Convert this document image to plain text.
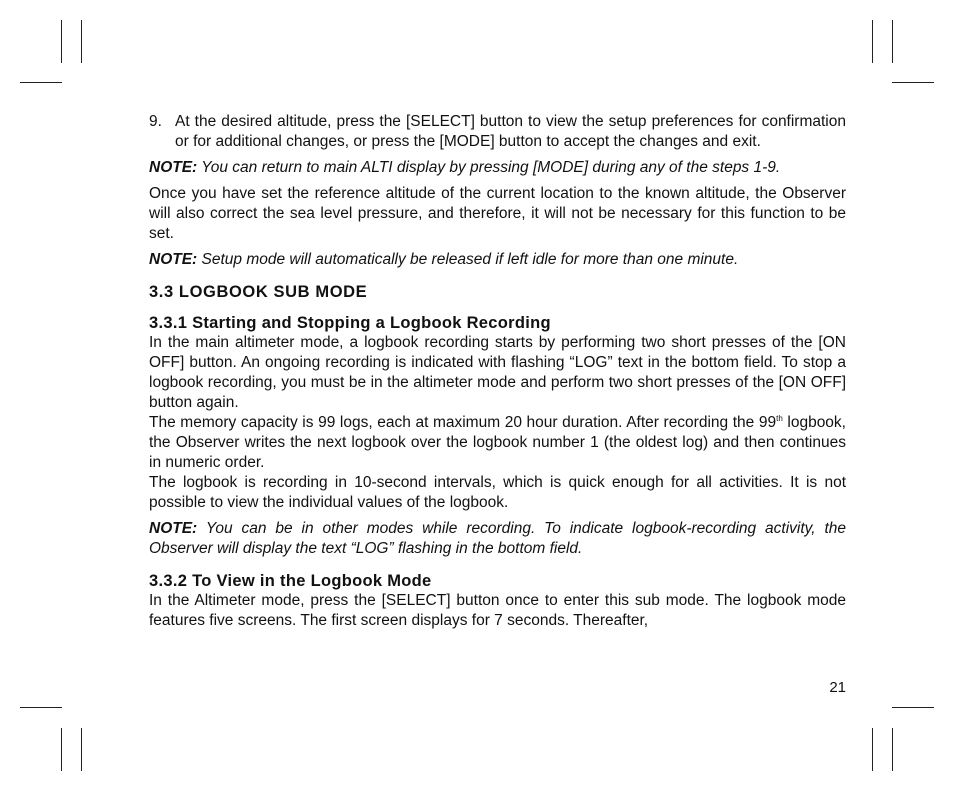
9. At the desired altitude, press the [SELECT] button to view the setup preferences for confirmation or for additional changes, or press the [MODE] button to accept the changes and exit.

NOTE: You can return to main ALTI display by pressing [MODE] during any of the steps 1-9.

Once you have set the reference altitude of the current location to the known altitude, the Observer will also correct the sea level pressure, and therefore, it will not be necessary for this function to be set.

NOTE: Setup mode will automatically be released if left idle for more than one minute.

3.3 LOGBOOK SUB MODE
3.3.1 Starting and Stopping a Logbook Recording

In the main altimeter mode, a logbook recording starts by performing two short presses of the [ON OFF] button. An ongoing recording is indicated with flashing “LOG” text in the bottom field. To stop a logbook recording, you must be in the altimeter mode and perform two short presses of the [ON OFF] button again.

The memory capacity is 99 logs, each at maximum 20 hour duration. After recording the 99th logbook, the Observer writes the next logbook over the logbook number 1 (the oldest log) and then continues in numeric order.

The logbook is recording in 10-second intervals, which is quick enough for all activities. It is not possible to view the individual values of the logbook.

NOTE: You can be in other modes while recording. To indicate logbook-recording activity, the Observer will display the text “LOG” flashing in the bottom field.

3.3.2 To View in the Logbook Mode

In the Altimeter mode, press the [SELECT] button once to enter this sub mode. The logbook mode features five screens. The first screen displays for 7 seconds. Thereafter,

21
